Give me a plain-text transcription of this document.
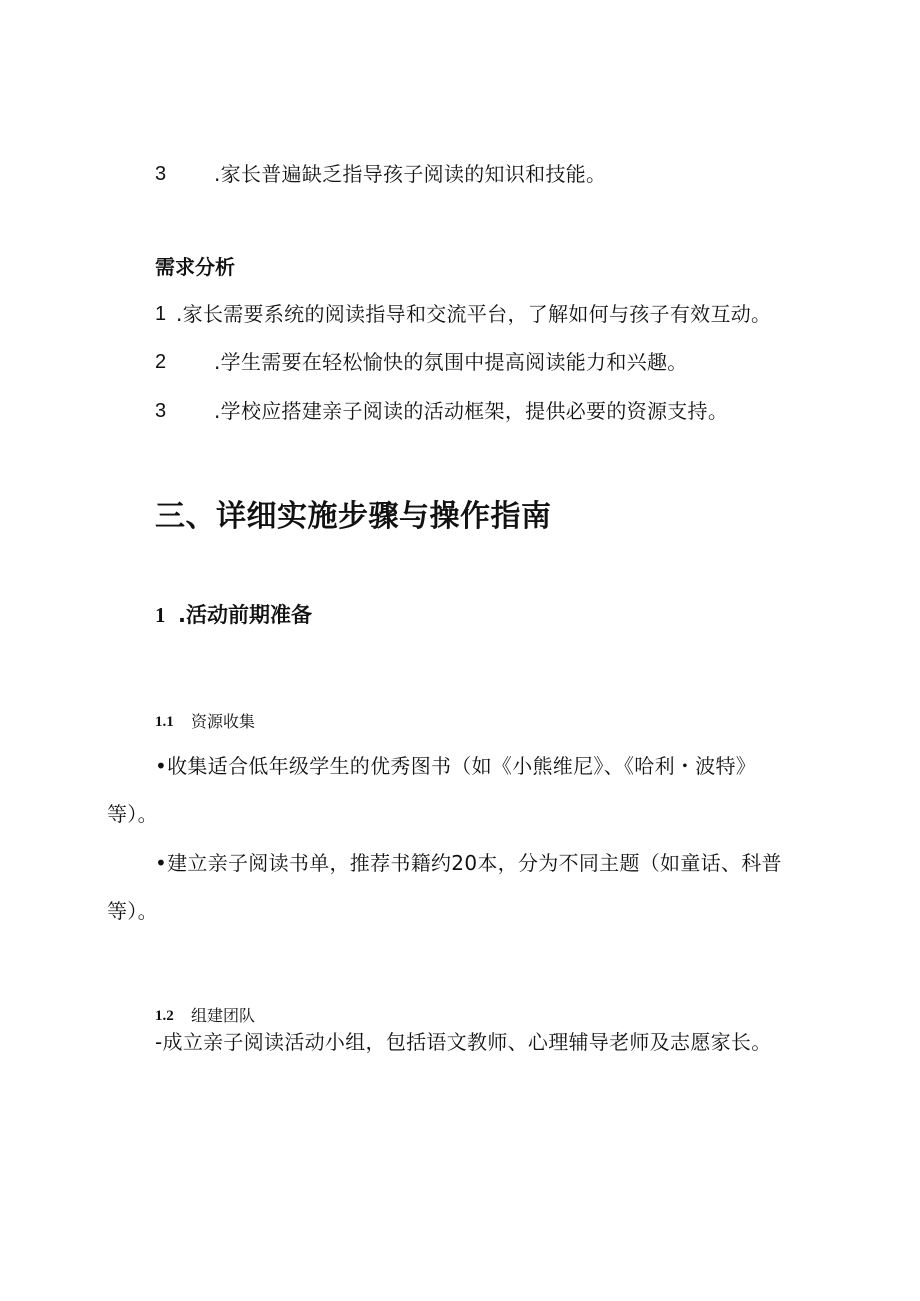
3 .家长普遍缺乏指导孩子阅读的知识和技能。
需求分析
1 .家长需要系统的阅读指导和交流平台，了解如何与孩子有效互动。
2 .学生需要在轻松愉快的氛围中提高阅读能力和兴趣。
3 .学校应搭建亲子阅读的活动框架，提供必要的资源支持。
三、详细实施步骤与操作指南
1 .活动前期准备
1.1 资源收集
•收集适合低年级学生的优秀图书（如《小熊维尼》、《哈利・波特》
等）。
•建立亲子阅读书单，推荐书籍约20本，分为不同主题（如童话、科普
等）。
1.2 组建团队
-成立亲子阅读活动小组，包括语文教师、心理辅导老师及志愿家长。
